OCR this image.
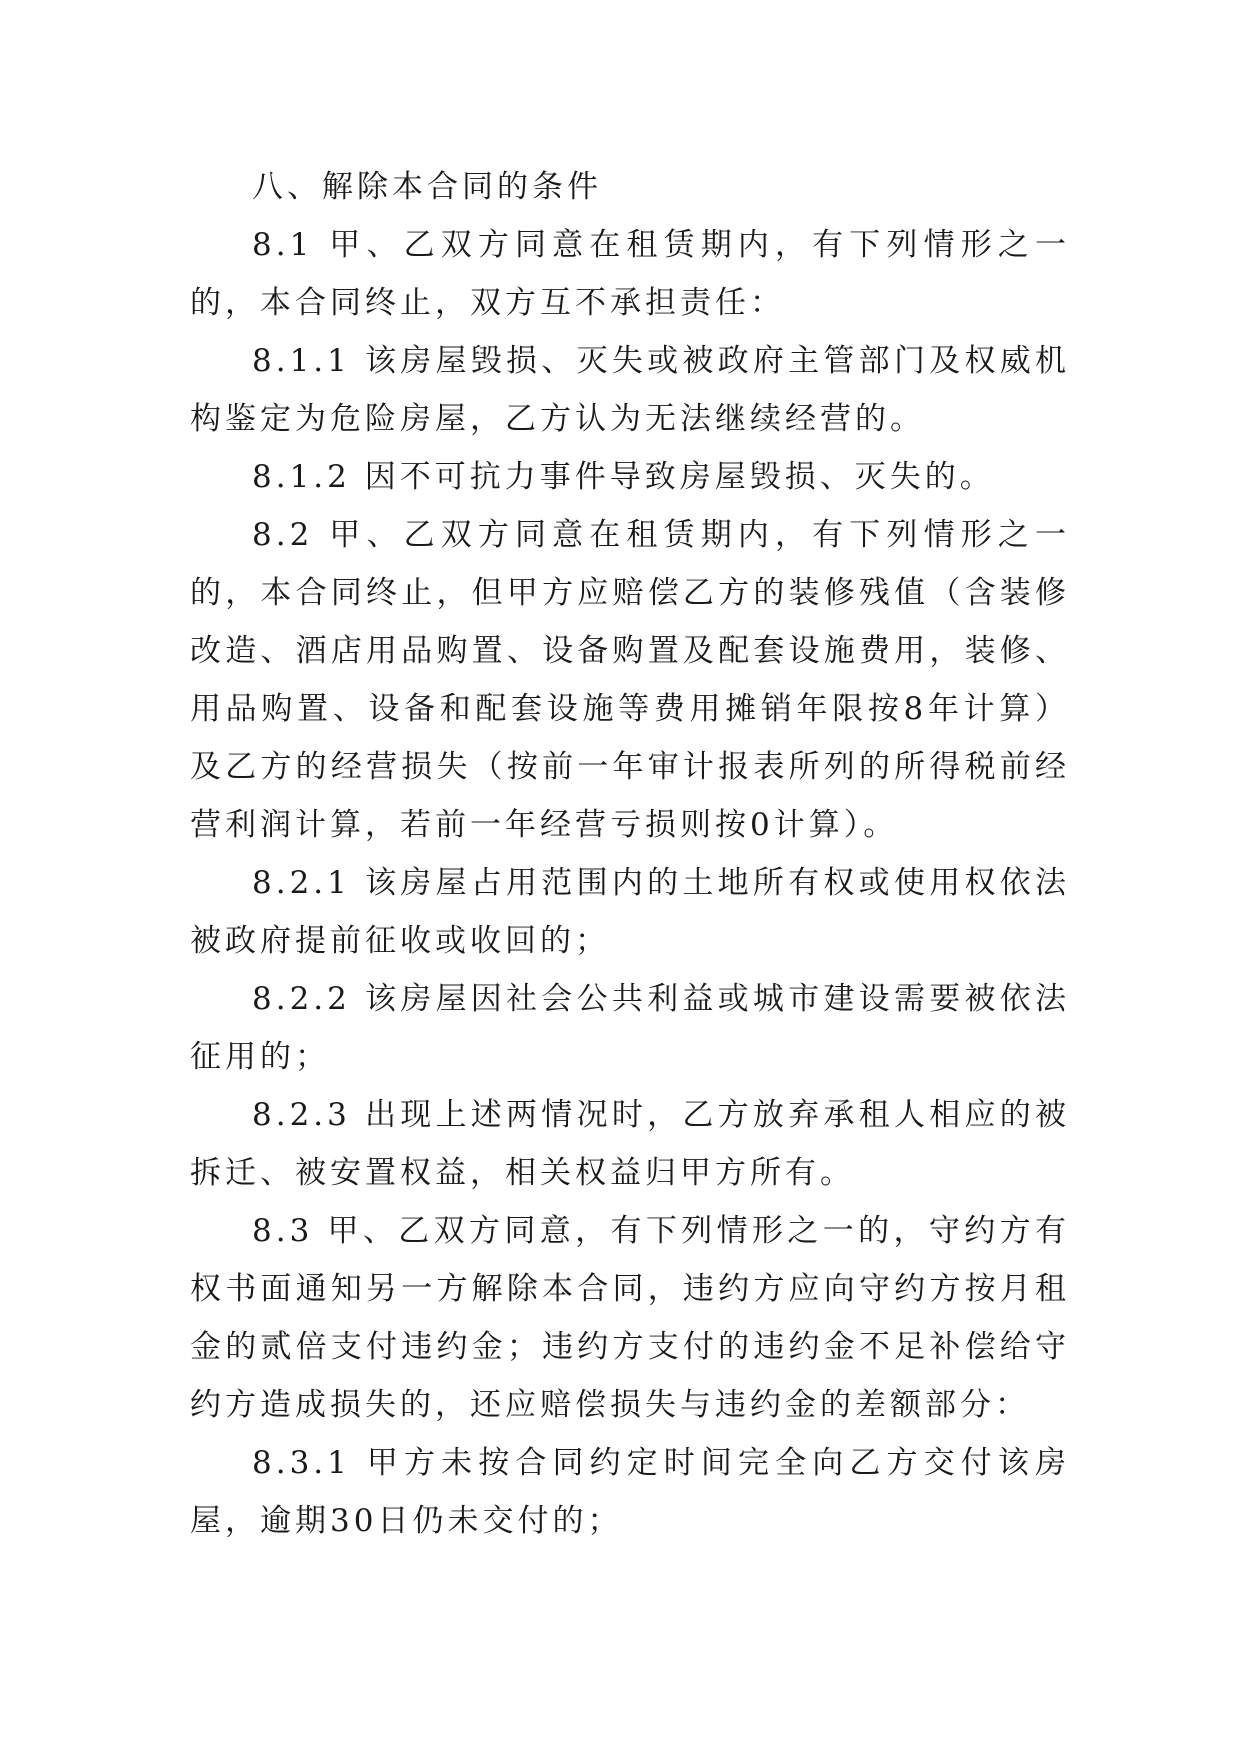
八、解除本合同的条件

8.1 甲、乙双方同意在租赁期内，有下列情形之一的，本合同终止，双方互不承担责任：

8.1.1 该房屋毁损、灭失或被政府主管部门及权威机构鉴定为危险房屋，乙方认为无法继续经营的。

8.1.2 因不可抗力事件导致房屋毁损、灭失的。

8.2 甲、乙双方同意在租赁期内，有下列情形之一的，本合同终止，但甲方应赔偿乙方的装修残值（含装修改造、酒店用品购置、设备购置及配套设施费用，装修、用品购置、设备和配套设施等费用摊销年限按8年计算）及乙方的经营损失（按前一年审计报表所列的所得税前经营利润计算，若前一年经营亏损则按0计算）。

8.2.1 该房屋占用范围内的土地所有权或使用权依法被政府提前征收或收回的；

8.2.2 该房屋因社会公共利益或城市建设需要被依法征用的；

8.2.3 出现上述两情况时，乙方放弃承租人相应的被拆迁、被安置权益，相关权益归甲方所有。

8.3 甲、乙双方同意，有下列情形之一的，守约方有权书面通知另一方解除本合同，违约方应向守约方按月租金的贰倍支付违约金；违约方支付的违约金不足补偿给守约方造成损失的，还应赔偿损失与违约金的差额部分：

8.3.1 甲方未按合同约定时间完全向乙方交付该房屋，逾期30日仍未交付的；
